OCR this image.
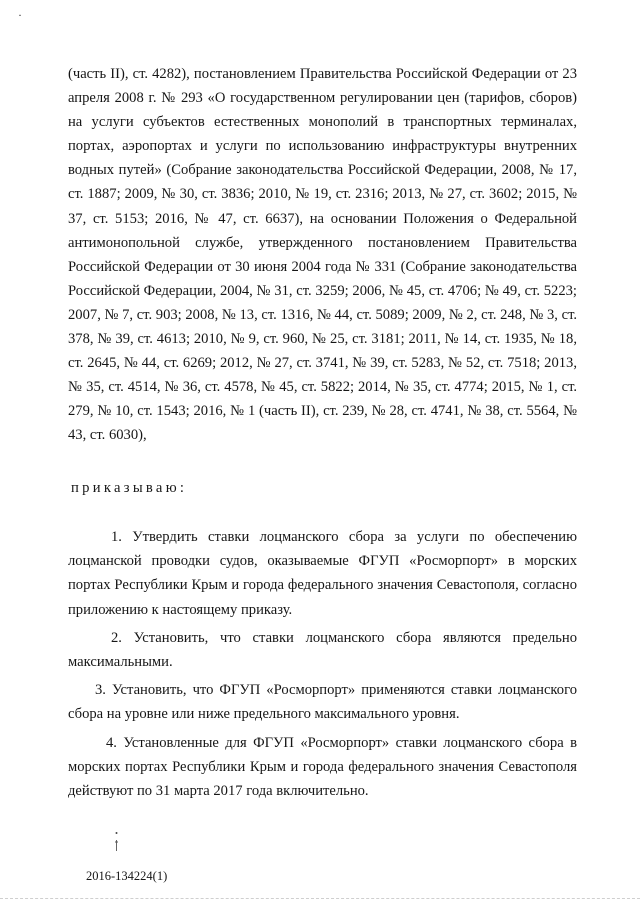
·

(часть II), ст. 4282), постановлением Правительства Российской Федерации от 23 апреля 2008 г. № 293 «О государственном регулировании цен (тарифов, сборов) на услуги субъектов естественных монополий в транспортных терминалах, портах, аэропортах и услуги по использованию инфраструктуры внутренних водных путей» (Собрание законодательства Российской Федерации, 2008, № 17, ст. 1887; 2009, № 30, ст. 3836; 2010, № 19, ст. 2316; 2013, № 27, ст. 3602; 2015, № 37, ст. 5153; 2016, № 47, ст. 6637), на основании Положения о Федеральной антимонопольной службе, утвержденного постановлением Правительства Российской Федерации от 30 июня 2004 года № 331 (Собрание законодательства Российской Федерации, 2004, № 31, ст. 3259; 2006, № 45, ст. 4706; № 49, ст. 5223; 2007, № 7, ст. 903; 2008, № 13, ст. 1316, № 44, ст. 5089; 2009, № 2, ст. 248, № 3, ст. 378, № 39, ст. 4613; 2010, № 9, ст. 960, № 25, ст. 3181; 2011, № 14, ст. 1935, № 18, ст. 2645, № 44, ст. 6269; 2012, № 27, ст. 3741, № 39, ст. 5283, № 52, ст. 7518; 2013, № 35, ст. 4514, № 36, ст. 4578, № 45, ст. 5822; 2014, № 35, ст. 4774; 2015, № 1, ст. 279, № 10, ст. 1543; 2016, № 1 (часть II), ст. 239, № 28, ст. 4741, № 38, ст. 5564, № 43, ст. 6030),

приказываю:

1. Утвердить ставки лоцманского сбора за услуги по обеспечению лоцманской проводки судов, оказываемые ФГУП «Росморпорт» в морских портах Республики Крым и города федерального значения Севастополя, согласно приложению к настоящему приказу.

2. Установить, что ставки лоцманского сбора являются предельно максимальными.

3. Установить, что ФГУП «Росморпорт» применяются ставки лоцманского сбора на уровне или ниже предельного максимального уровня.

4. Установленные для ФГУП «Росморпорт» ставки лоцманского сбора в морских портах Республики Крым и города федерального значения Севастополя действуют по 31 марта 2017 года включительно.

2016-134224(1)
